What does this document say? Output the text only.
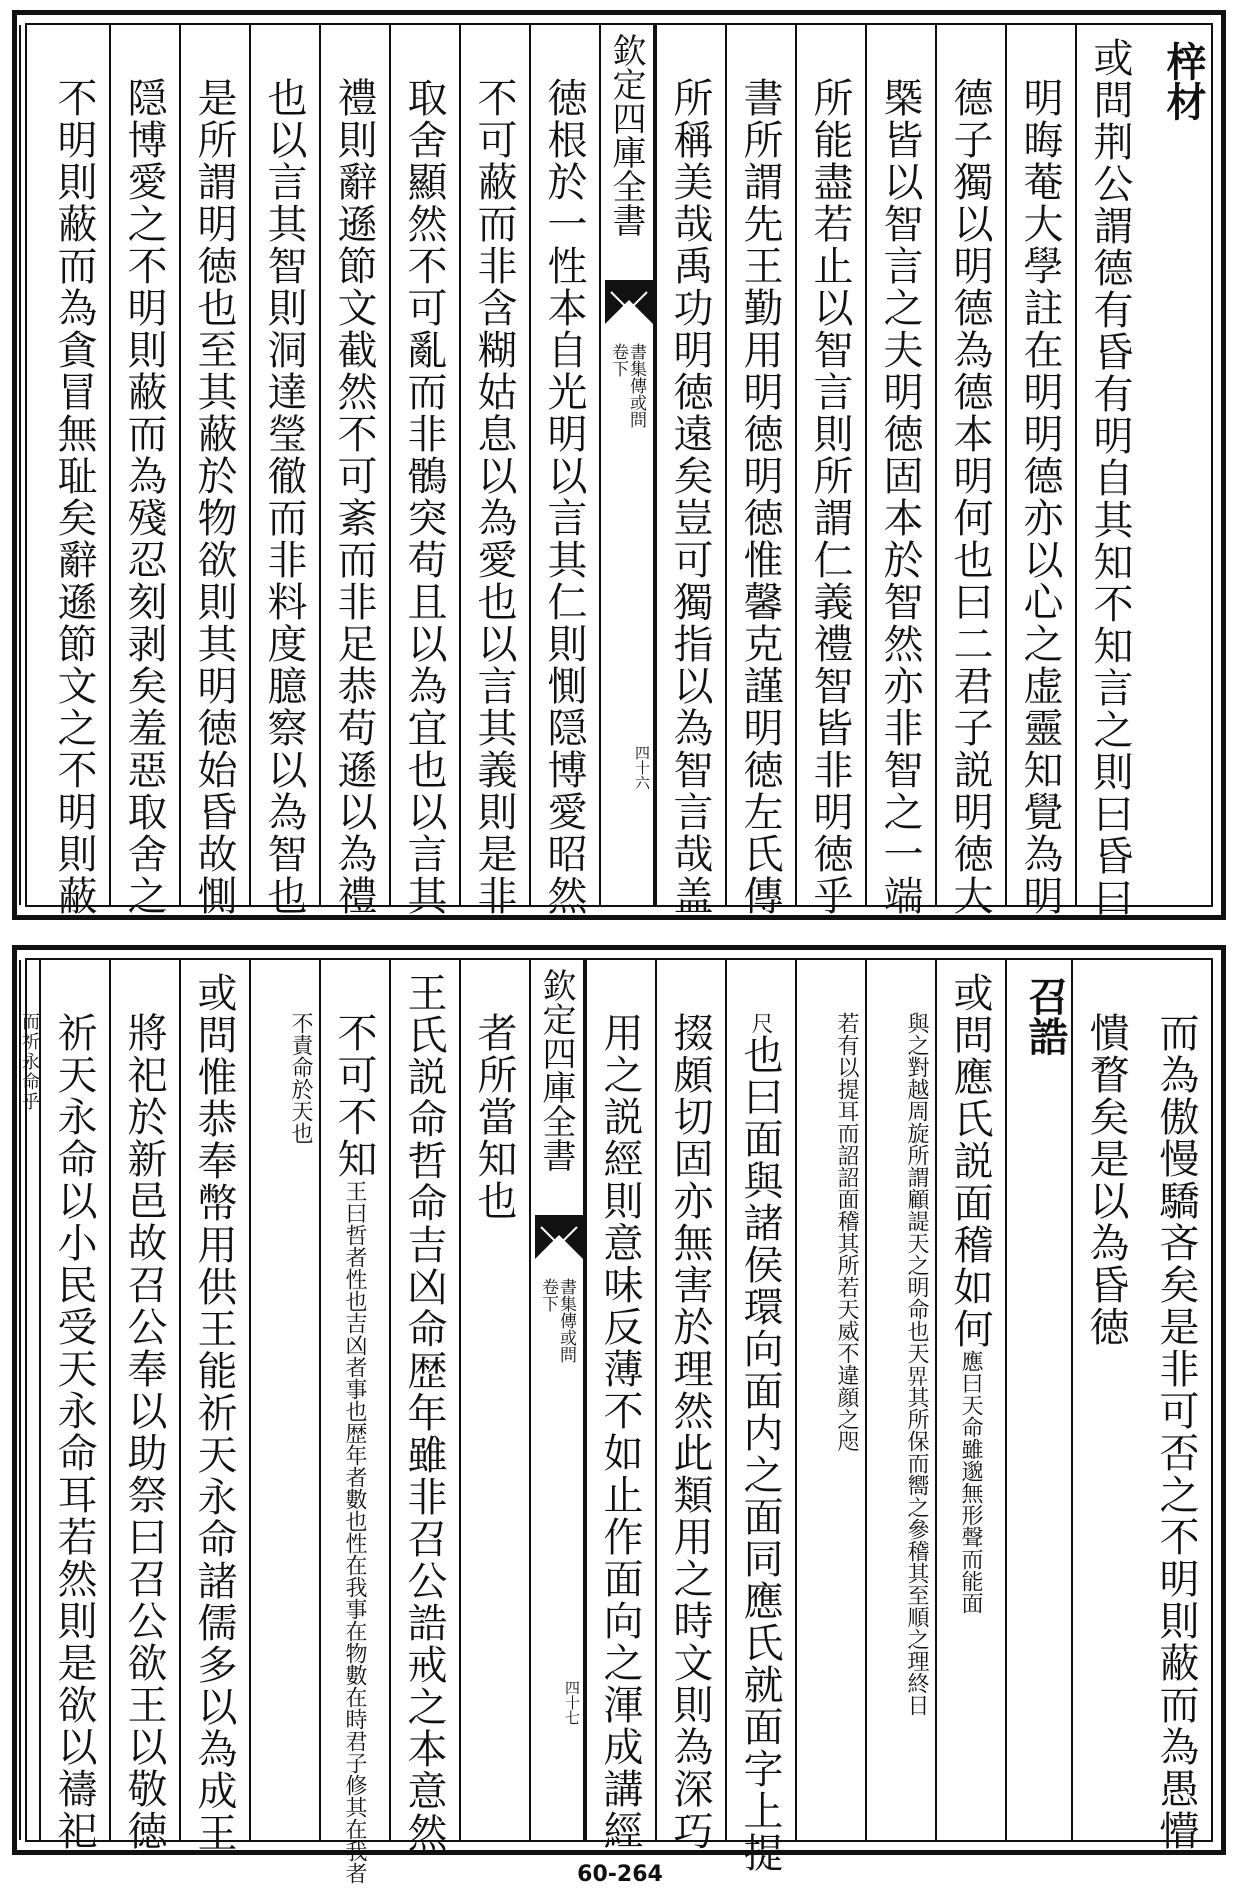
梓材
或問荆公謂德有昏有明自其知不知言之則曰昏曰
明晦菴大學註在明明德亦以心之虚靈知覺為明
德子獨以明德為德本明何也曰二君子説明徳大
槩皆以智言之夫明徳固本於智然亦非智之一端
所能盡若止以智言則所謂仁義禮智皆非明徳乎
書所謂先王勤用明徳明徳惟馨克謹明徳左氏傳
所稱美哉禹功明徳遠矣豈可獨指以為智言哉盖
欽定四庫全書
書集傳或問
卷下
四十六
徳根於一性本自光明以言其仁則惻隠博愛昭然
不可蔽而非含糊姑息以為愛也以言其義則是非
取舍顯然不可亂而非鶻突苟且以為宜也以言其
禮則辭遜節文截然不可紊而非足恭苟遜以為禮
也以言其智則洞達瑩徹而非料度臆察以為智也
是所謂明徳也至其蔽於物欲則其明徳始昏故惻
隠博愛之不明則蔽而為殘忍刻剥矣羞惡取舍之
不明則蔽而為貪冒無耻矣辭遜節文之不明則蔽
而為傲慢驕吝矣是非可否之不明則蔽而為愚懵
憒瞀矣是以為昏徳
召誥
或問應氏説面稽如何應曰天命雖邈無形聲而能面
與之對越周旋所謂顧諟天之明命也天𢌿其所保而嚮之參稽其至順之理終日
若有以提耳而詔詔面稽其所若天威不違顔之咫
尺也曰面與諸侯環向面内之面同應氏就面字上提
掇頗切固亦無害於理然此類用之時文則為深巧
用之説經則意味反薄不如止作面向之渾成講經
欽定四庫全書
書集傳或問
卷下
四十七
者所當知也
王氏説命哲命吉凶命歴年雖非召公誥戒之本意然
不可不知王曰哲者性也吉凶者事也歴年者數也性在我事在物數在時君子修其在我者
不責命於天也
或問惟恭奉幣用供王能祈天永命諸儒多以為成王
將祀於新邑故召公奉以助祭曰召公欲王以敬徳
祈天永命以小民受天永命耳若然則是欲以禱祀
而祈永命乎
60-264
